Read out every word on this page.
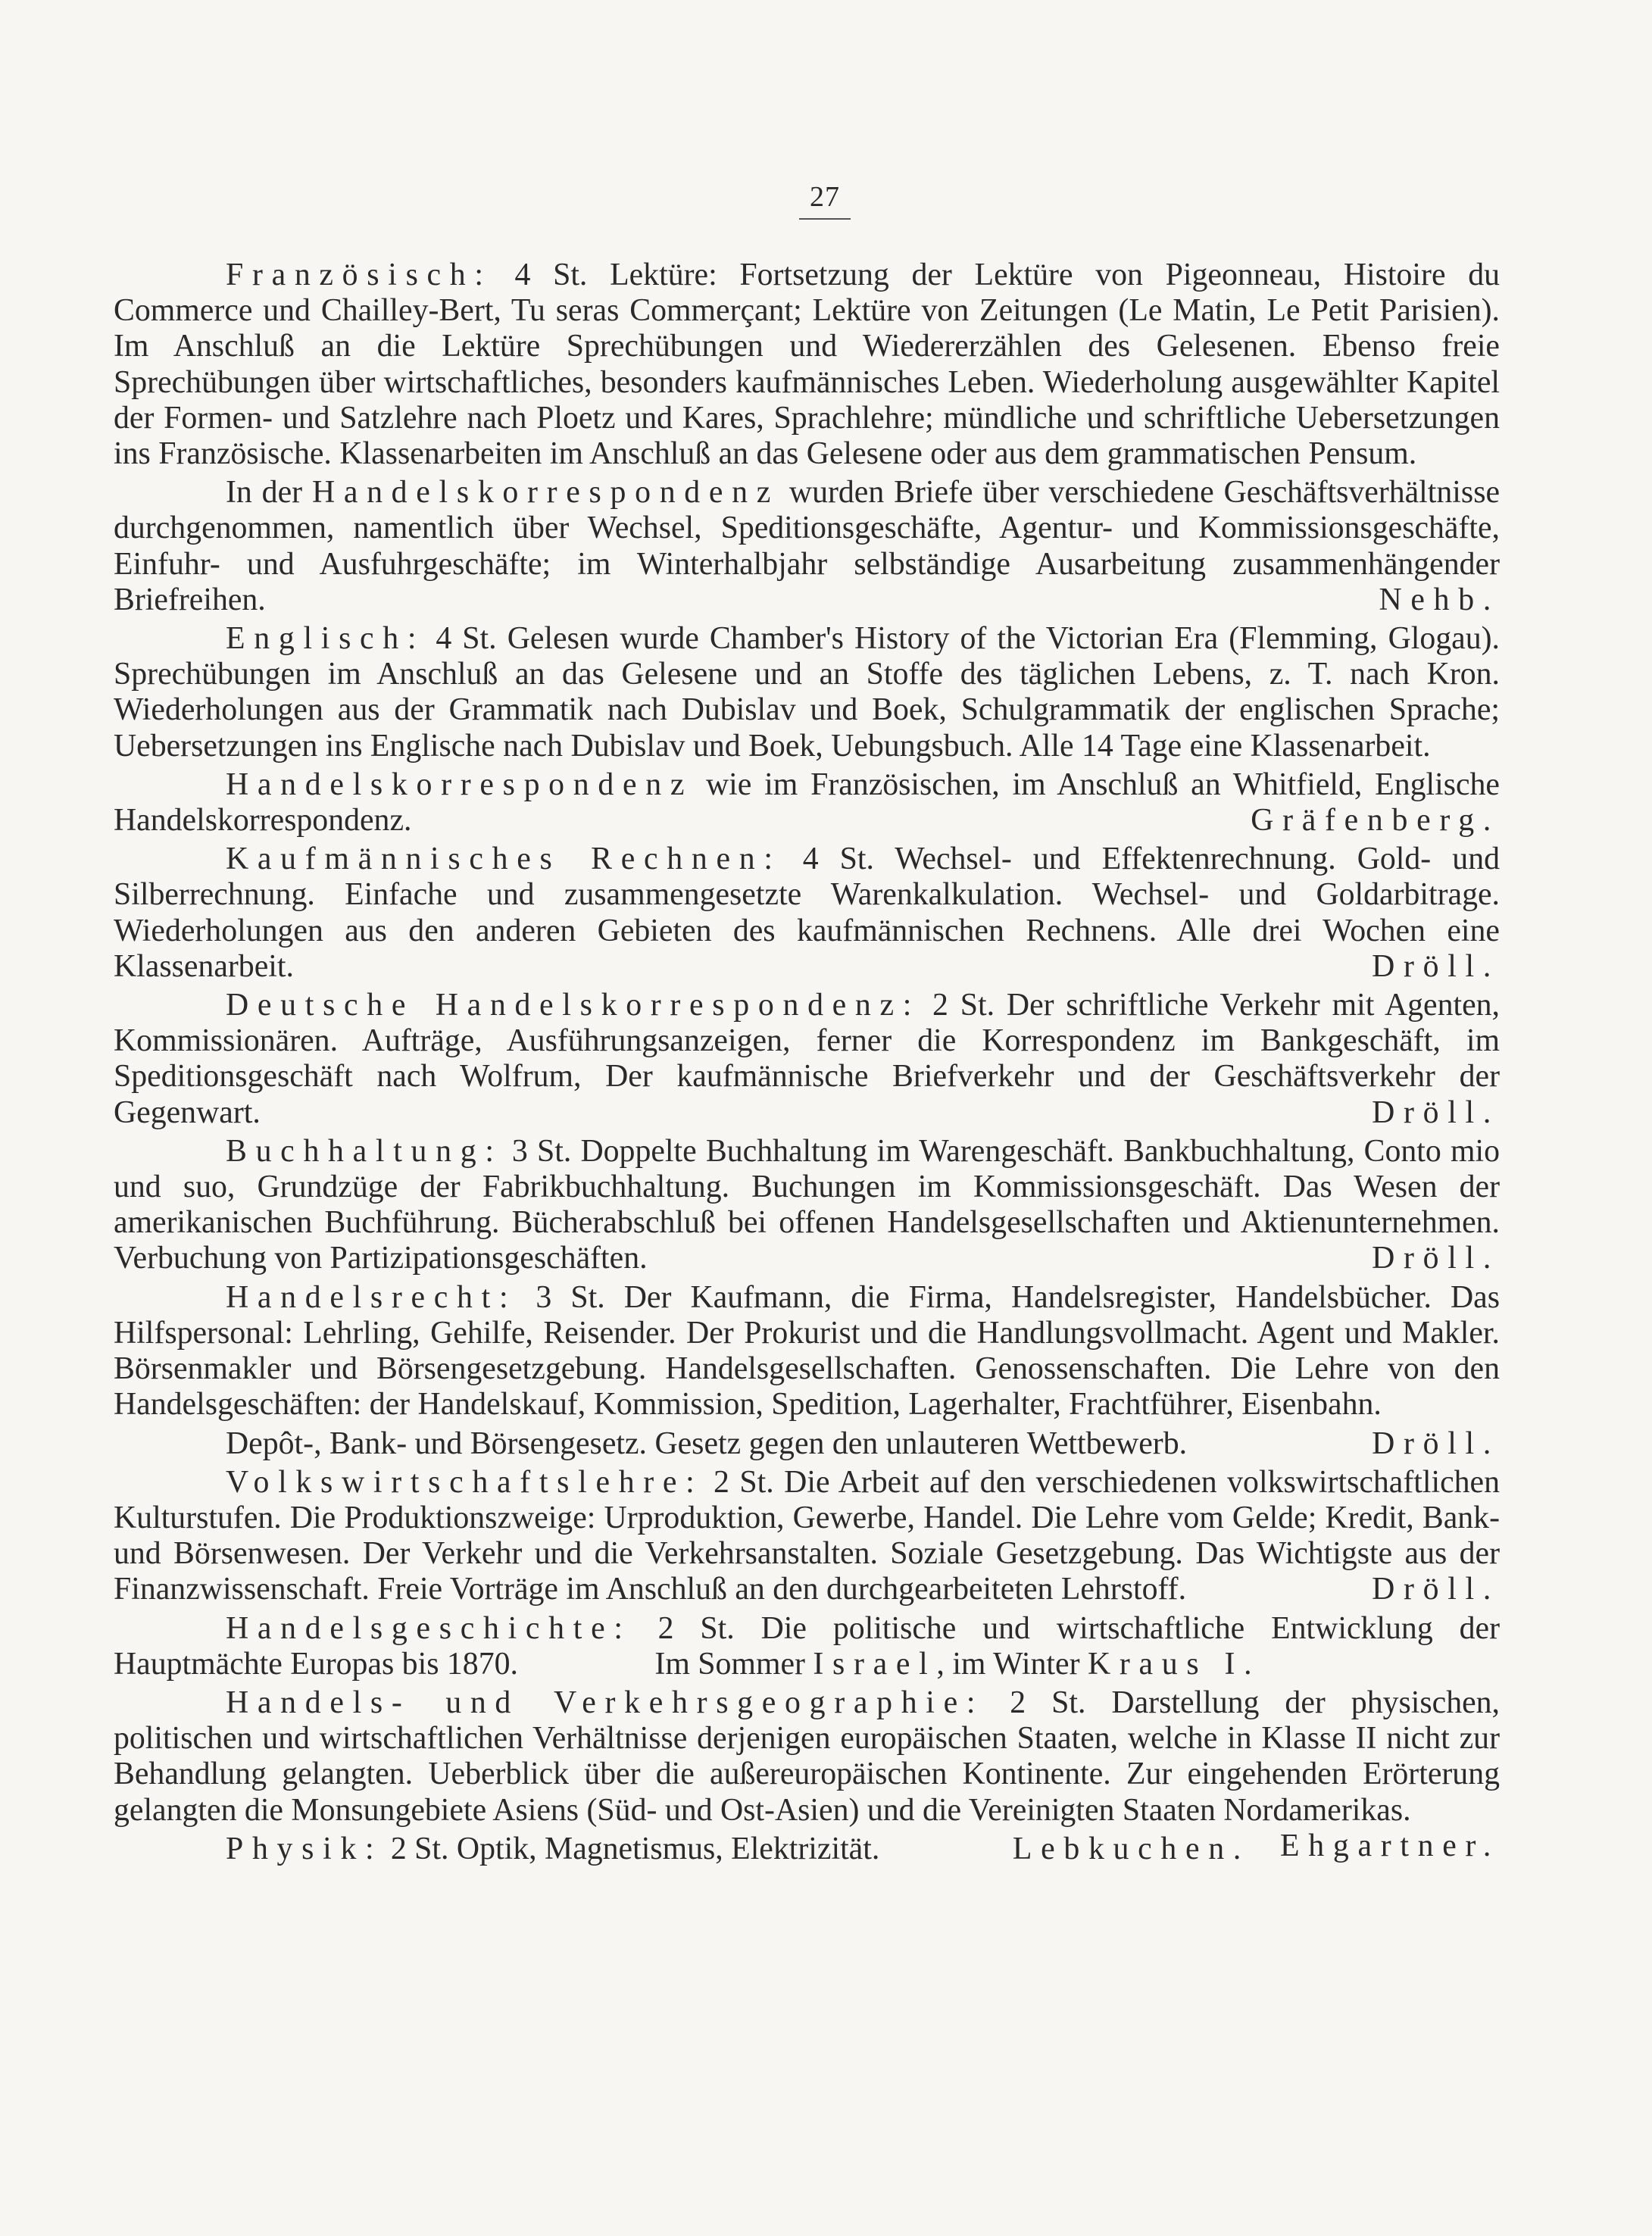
27

Französisch: 4 St. Lektüre: Fortsetzung der Lektüre von Pigeonneau, Histoire du Commerce und Chailley-Bert, Tu seras Commerçant; Lektüre von Zeitungen (Le Matin, Le Petit Parisien). Im Anschluß an die Lektüre Sprechübungen und Wiedererzählen des Gelesenen. Ebenso freie Sprechübungen über wirtschaftliches, besonders kaufmännisches Leben. Wiederholung ausgewählter Kapitel der Formen- und Satzlehre nach Ploetz und Kares, Sprachlehre; mündliche und schriftliche Uebersetzungen ins Französische. Klassenarbeiten im Anschluß an das Gelesene oder aus dem grammatischen Pensum.

In der Handelskorrespondenz wurden Briefe über verschiedene Geschäftsverhältnisse durchgenommen, namentlich über Wechsel, Speditionsgeschäfte, Agentur- und Kommissionsgeschäfte, Einfuhr- und Ausfuhrgeschäfte; im Winterhalbjahr selbständige Ausarbeitung zusammenhängender Briefreihen.	Nehb.

Englisch: 4 St. Gelesen wurde Chamber's History of the Victorian Era (Flemming, Glogau). Sprechübungen im Anschluß an das Gelesene und an Stoffe des täglichen Lebens, z. T. nach Kron. Wiederholungen aus der Grammatik nach Dubislav und Boek, Schulgrammatik der englischen Sprache; Uebersetzungen ins Englische nach Dubislav und Boek, Uebungsbuch. Alle 14 Tage eine Klassenarbeit.

Handelskorrespondenz wie im Französischen, im Anschluß an Whitfield, Englische Handelskorrespondenz.	Gräfenberg.

Kaufmännisches Rechnen: 4 St. Wechsel- und Effektenrechnung. Gold- und Silberrechnung. Einfache und zusammengesetzte Warenkalkulation. Wechsel- und Goldarbitrage. Wiederholungen aus den anderen Gebieten des kaufmännischen Rechnens. Alle drei Wochen eine Klassenarbeit.	Dröll.

Deutsche Handelskorrespondenz: 2 St. Der schriftliche Verkehr mit Agenten, Kommissionären. Aufträge, Ausführungsanzeigen, ferner die Korrespondenz im Bankgeschäft, im Speditionsgeschäft nach Wolfrum, Der kaufmännische Briefverkehr und der Geschäftsverkehr der Gegenwart.	Dröll.

Buchhaltung: 3 St. Doppelte Buchhaltung im Warengeschäft. Bankbuchhaltung, Conto mio und suo, Grundzüge der Fabrikbuchhaltung. Buchungen im Kommissionsgeschäft. Das Wesen der amerikanischen Buchführung. Bücherabschluß bei offenen Handelsgesellschaften und Aktienunternehmen. Verbuchung von Partizipationsgeschäften.	Dröll.

Handelsrecht: 3 St. Der Kaufmann, die Firma, Handelsregister, Handelsbücher. Das Hilfspersonal: Lehrling, Gehilfe, Reisender. Der Prokurist und die Handlungsvollmacht. Agent und Makler. Börsenmakler und Börsengesetzgebung. Handelsgesellschaften. Genossenschaften. Die Lehre von den Handelsgeschäften: der Handelskauf, Kommission, Spedition, Lagerhalter, Frachtführer, Eisenbahn.

Depôt-, Bank- und Börsengesetz. Gesetz gegen den unlauteren Wettbewerb.	Dröll.

Volkswirtschaftslehre: 2 St. Die Arbeit auf den verschiedenen volkswirtschaftlichen Kulturstufen. Die Produktionszweige: Urproduktion, Gewerbe, Handel. Die Lehre vom Gelde; Kredit, Bank- und Börsenwesen. Der Verkehr und die Verkehrsanstalten. Soziale Gesetzgebung. Das Wichtigste aus der Finanzwissenschaft. Freie Vorträge im Anschluß an den durchgearbeiteten Lehrstoff.	Dröll.

Handelsgeschichte: 2 St. Die politische und wirtschaftliche Entwicklung der Hauptmächte Europas bis 1870.	Im Sommer Israel, im Winter Kraus I.

Handels- und Verkehrsgeographie: 2 St. Darstellung der physischen, politischen und wirtschaftlichen Verhältnisse derjenigen europäischen Staaten, welche in Klasse II nicht zur Behandlung gelangten. Ueberblick über die außereuropäischen Kontinente. Zur eingehenden Erörterung gelangten die Monsungebiete Asiens (Süd- und Ost-Asien) und die Vereinigten Staaten Nordamerikas.
Ehgartner.

Physik: 2 St. Optik, Magnetismus, Elektrizität.	Lebkuchen.
